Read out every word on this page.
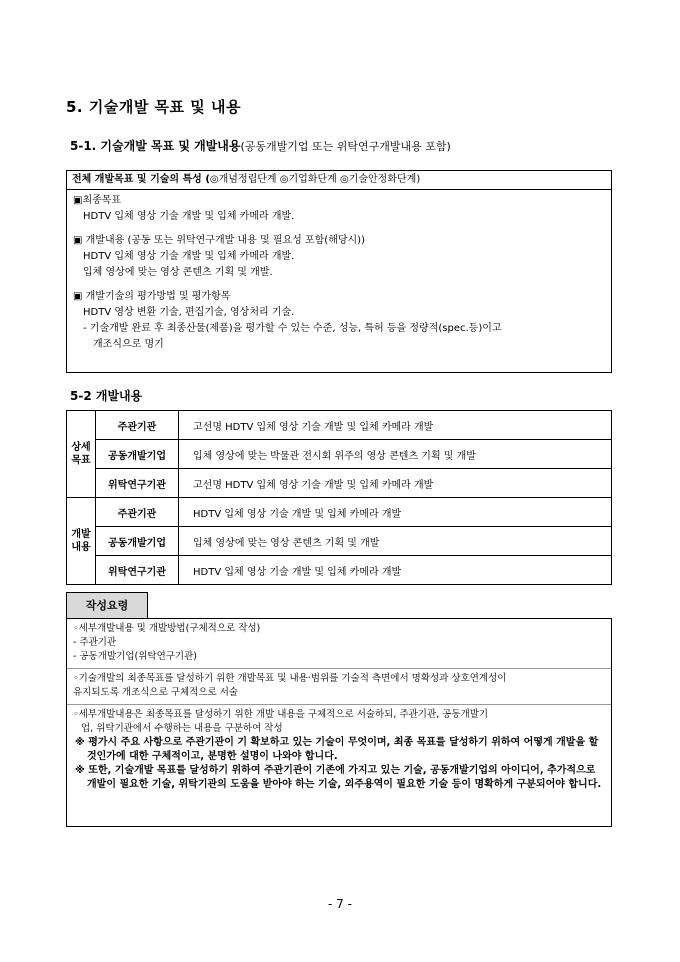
5. 기술개발 목표 및 내용
5-1. 기술개발 목표 및 개발내용(공동개발기업 또는 위탁연구개발내용 포함)
전체 개발목표 및 기술의 특성 (◎개념정립단계 ◎기업화단계 ◎기술안정화단계)
▣최종목표
HDTV 입체 영상 기술 개발 및 입체 카메라 개발.
▣ 개발내용 (공동 또는 위탁연구개발 내용 및 필요성 포함(해당시))
HDTV 입체 영상 기술 개발 및 입체 카메라 개발.
입체 영상에 맞는 영상 콘텐츠 기획 및 개발.
▣ 개발기술의 평가방법 및 평가항목
HDTV 영상 변환 기술, 편집기술, 영상처리 기술.
- 기술개발 완료 후 최종산물(제품)을 평가할 수 있는 수준, 성능, 특허 등을 정량적(spec.등)이고
개조식으로 명기
5-2 개발내용
상세
목표	주관기관	고선명 HDTV 입체 영상 기술 개발 및 입체 카메라 개발
	공동개발기업	입체 영상에 맞는 박물관 전시회 위주의 영상 콘텐츠 기획 및 개발
	위탁연구기관	고선명 HDTV 입체 영상 기술 개발 및 입체 카메라 개발
개발
내용	주관기관	HDTV 입체 영상 기술 개발 및 입체 카메라 개발
	공동개발기업	입체 영상에 맞는 영상 콘텐츠 기획 및 개발
	위탁연구기관	HDTV 입체 영상 기술 개발 및 입체 카메라 개발
작성요령
◦세부개발내용 및 개발방법(구체적으로 작성)
- 주관기관
- 공동개발기업(위탁연구기관)
◦기술개발의 최종목표를 달성하기 위한 개발목표 및 내용·범위를 기술적 측면에서 명확성과 상호연계성이
유지되도록 개조식으로 구체적으로 서술
◦세부개발내용은 최종목표를 달성하기 위한 개발 내용을 구체적으로 서술하되, 주관기관, 공동개발기
업, 위탁기관에서 수행하는 내용을 구분하여 작성
※ 평가시 주요 사항으로 주관기관이 기 확보하고 있는 기술이 무엇이며, 최종 목표를 달성하기 위하여 어떻게 개발을 할 것인가에 대한 구체적이고, 분명한 설명이 나와야 합니다.
※ 또한, 기술개발 목표를 달성하기 위하여 주관기관이 기존에 가지고 있는 기술, 공동개발기업의 아이디어, 추가적으로 개발이 필요한 기술, 위탁기관의 도움을 받아야 하는 기술, 외주용역이 필요한 기술 등이 명확하게 구분되어야 합니다.
- 7 -
